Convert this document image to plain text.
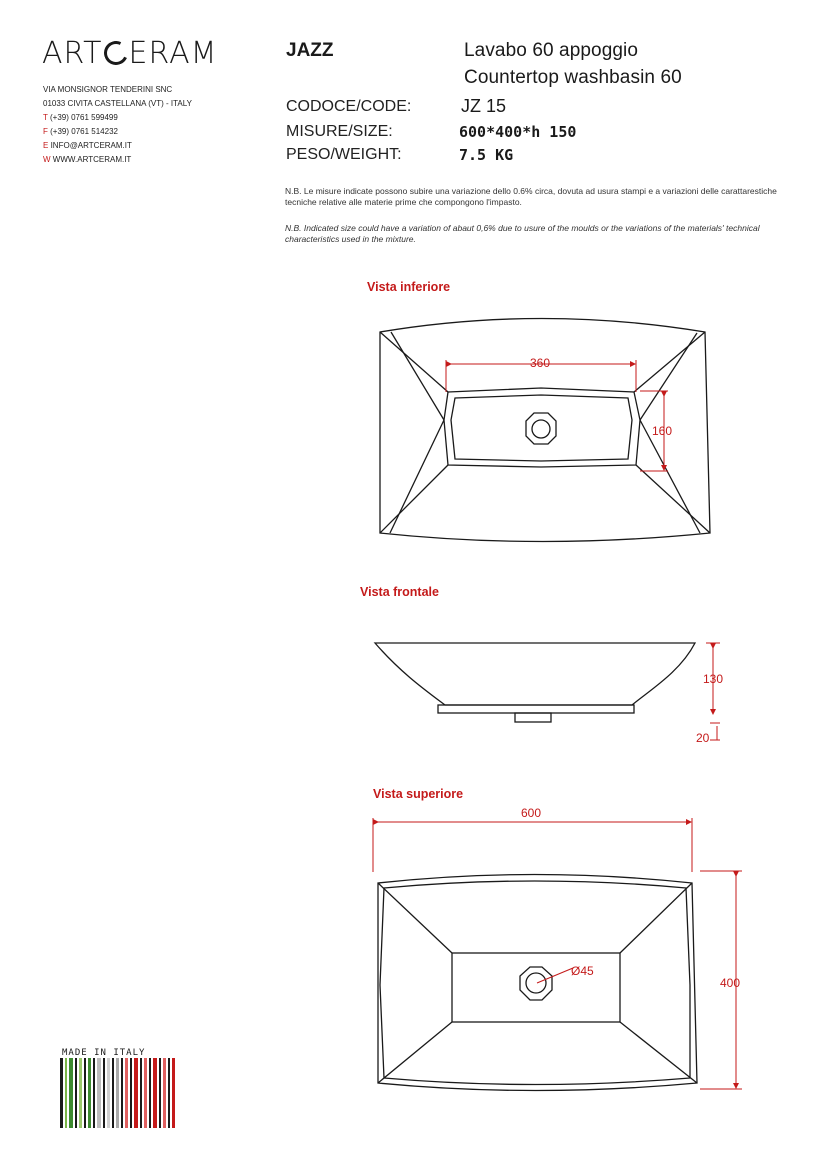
ART ERAM
VIA MONSIGNOR TENDERINI SNC
01033 CIVITA CASTELLANA (VT) - ITALY
T (+39) 0761 599499
F (+39) 0761 514232
E INFO@ARTCERAM.IT
W WWW.ARTCERAM.IT
JAZZ	Lavabo 60 appoggio
Countertop washbasin 60
CODOCE/CODE:	JZ 15
MISURE/SIZE:	600*400*h 150
PESO/WEIGHT:	7.5 KG
N.B. Le misure indicate possono subire una variazione dello 0.6% circa, dovuta ad usura stampi e a variazioni delle carattarestiche tecniche relative alle materie prime che compongono l'impasto.
N.B. Indicated size could have a variation of abaut 0,6% due to usure of the moulds or the variations of the materials' technical characteristics used in the mixture.
Vista inferiore
Vista frontale
Vista superiore
360
160
130
20
600
400
Ø45
MADE IN ITALY
